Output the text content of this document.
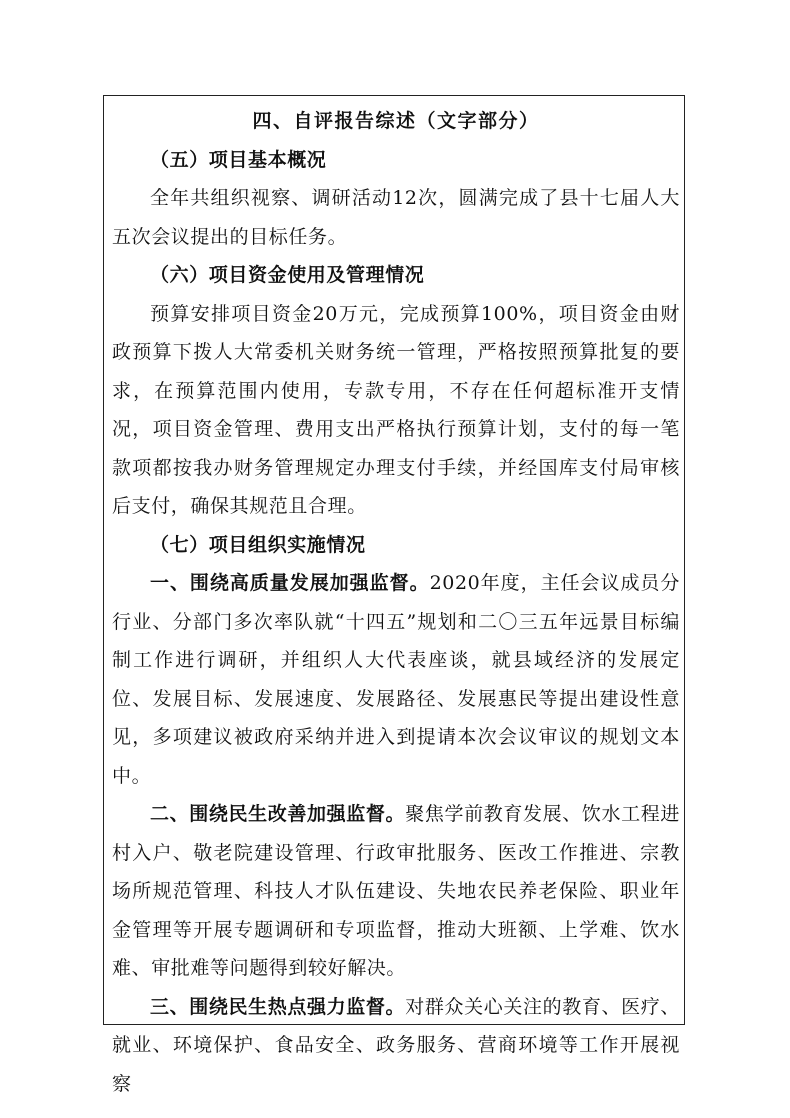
四、自评报告综述（文字部分）

（五）项目基本概况

全年共组织视察、调研活动12次，圆满完成了县十七届人大五次会议提出的目标任务。

（六）项目资金使用及管理情况

预算安排项目资金20万元，完成预算100%，项目资金由财政预算下拨人大常委机关财务统一管理，严格按照预算批复的要求，在预算范围内使用，专款专用，不存在任何超标准开支情况，项目资金管理、费用支出严格执行预算计划，支付的每一笔款项都按我办财务管理规定办理支付手续，并经国库支付局审核后支付，确保其规范且合理。

（七）项目组织实施情况

一、围绕高质量发展加强监督。2020年度，主任会议成员分行业、分部门多次率队就“十四五”规划和二〇三五年远景目标编制工作进行调研，并组织人大代表座谈，就县域经济的发展定位、发展目标、发展速度、发展路径、发展惠民等提出建设性意见，多项建议被政府采纳并进入到提请本次会议审议的规划文本中。

二、围绕民生改善加强监督。聚焦学前教育发展、饮水工程进村入户、敬老院建设管理、行政审批服务、医改工作推进、宗教场所规范管理、科技人才队伍建设、失地农民养老保险、职业年金管理等开展专题调研和专项监督，推动大班额、上学难、饮水难、审批难等问题得到较好解决。

三、围绕民生热点强力监督。对群众关心关注的教育、医疗、就业、环境保护、食品安全、政务服务、营商环境等工作开展视察
